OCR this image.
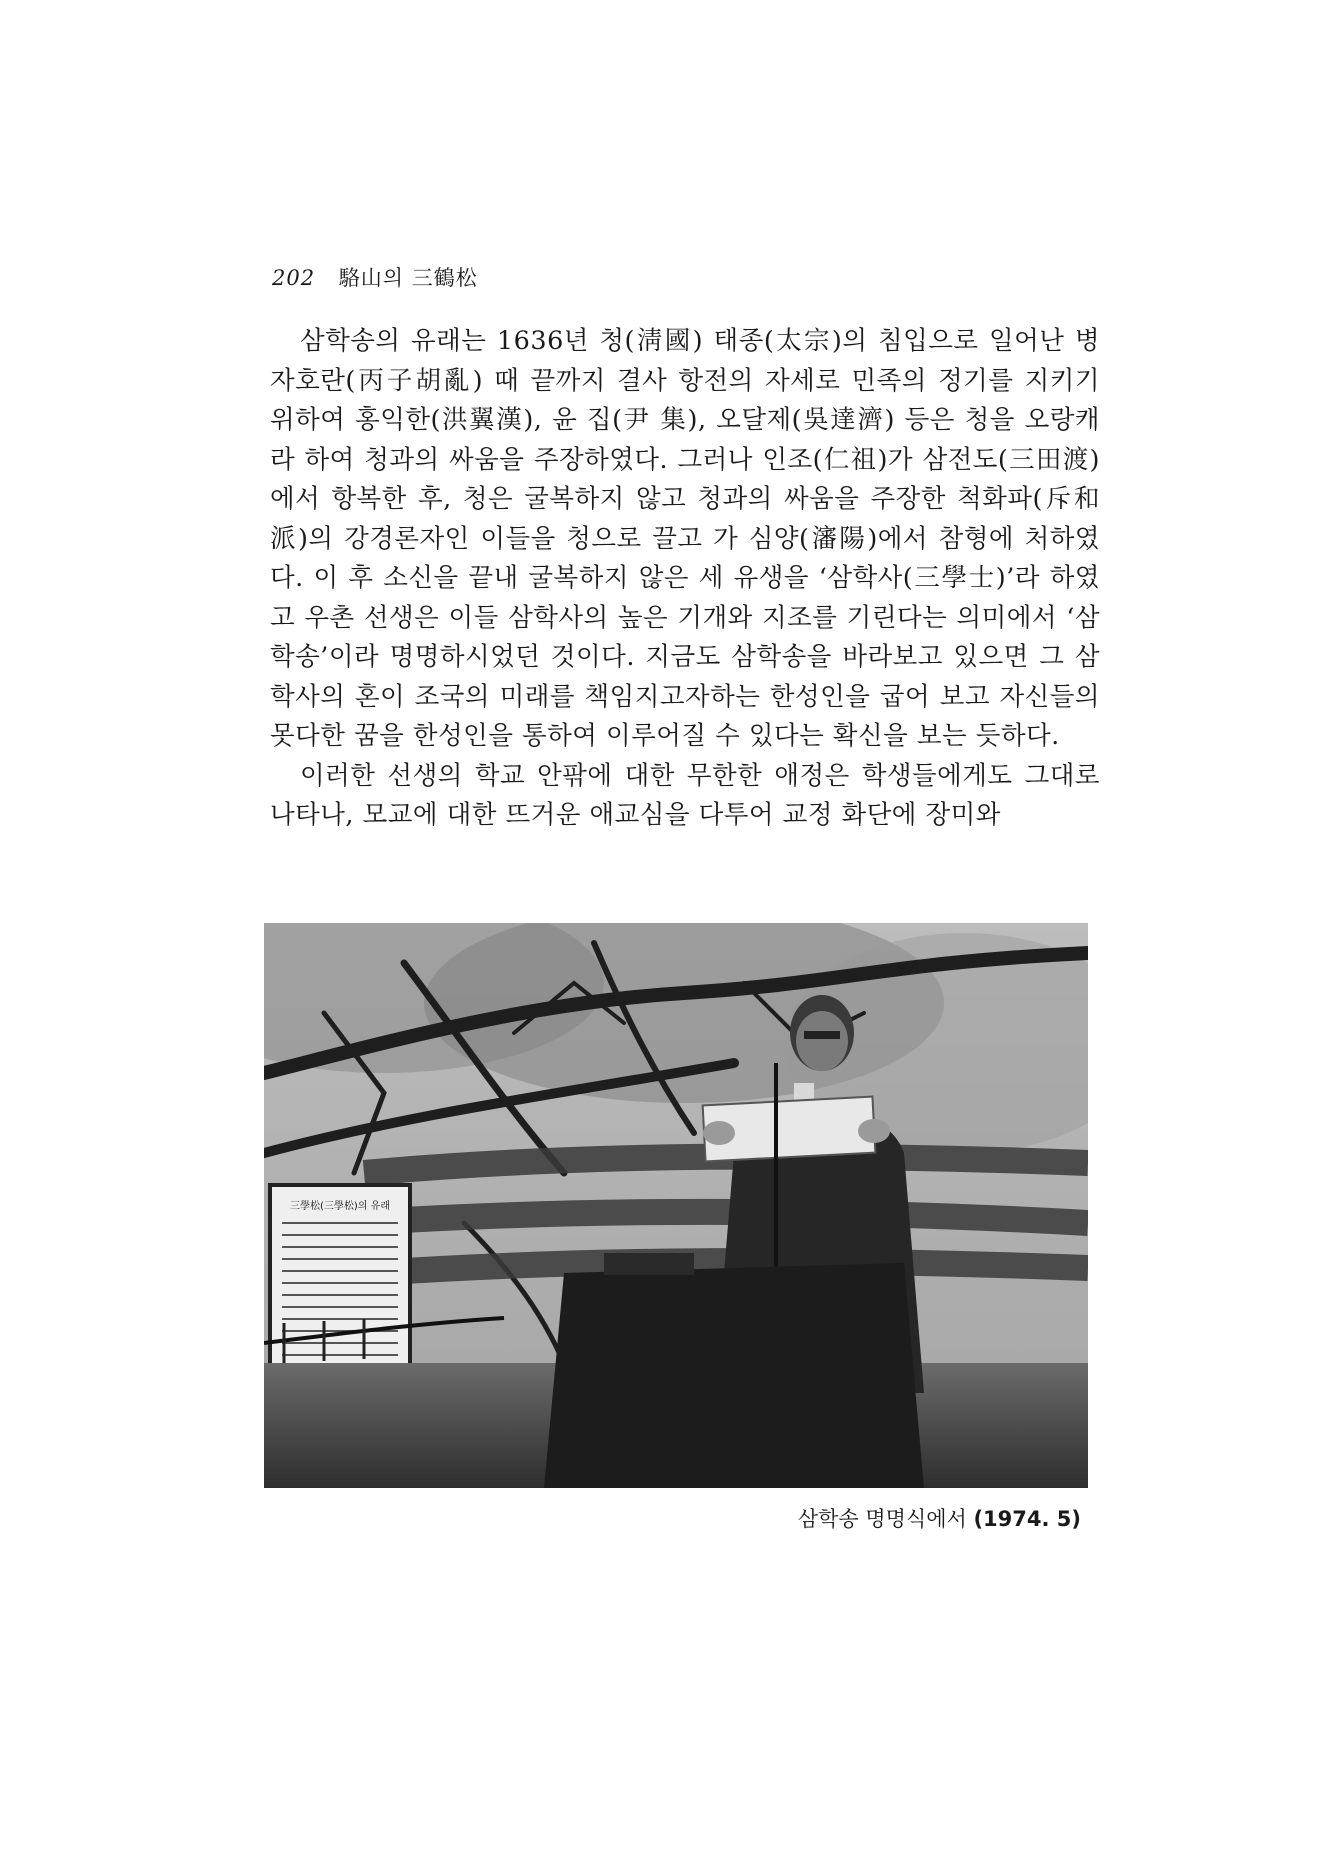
202 駱山의 三鶴松

삼학송의 유래는 1636년 청(淸國) 태종(太宗)의 침입으로 일어난 병자호란(丙子胡亂) 때 끝까지 결사 항전의 자세로 민족의 정기를 지키기 위하여 홍익한(洪翼漢), 윤 집(尹 集), 오달제(吳達濟) 등은 청을 오랑캐라 하여 청과의 싸움을 주장하였다. 그러나 인조(仁祖)가 삼전도(三田渡)에서 항복한 후, 청은 굴복하지 않고 청과의 싸움을 주장한 척화파(斥和派)의 강경론자인 이들을 청으로 끌고 가 심양(瀋陽)에서 참형에 처하였다. 이 후 소신을 끝내 굴복하지 않은 세 유생을 ‘삼학사(三學士)’라 하였고 우촌 선생은 이들 삼학사의 높은 기개와 지조를 기린다는 의미에서 ‘삼학송’이라 명명하시었던 것이다. 지금도 삼학송을 바라보고 있으면 그 삼학사의 혼이 조국의 미래를 책임지고자하는 한성인을 굽어 보고 자신들의 못다한 꿈을 한성인을 통하여 이루어질 수 있다는 확신을 보는 듯하다.

이러한 선생의 학교 안팎에 대한 무한한 애정은 학생들에게도 그대로 나타나, 모교에 대한 뜨거운 애교심을 다투어 교정 화단에 장미와

三學松(三學松)의 유래
삼학송 명명식에서 (1974. 5)
